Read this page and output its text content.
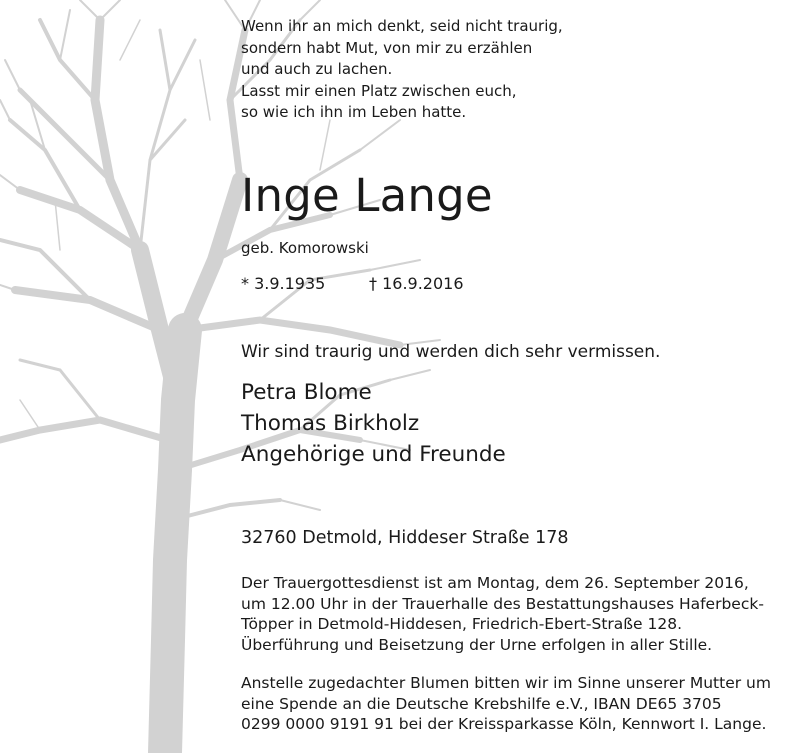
Wenn ihr an mich denkt, seid nicht traurig,
sondern habt Mut, von mir zu erzählen
und auch zu lachen.
Lasst mir einen Platz zwischen euch,
so wie ich ihn im Leben hatte.
Inge Lange
geb. Komorowski
* 3.9.1935	† 16.9.2016
Wir sind traurig und werden dich sehr vermissen.
Petra Blome
Thomas Birkholz
Angehörige und Freunde
32760 Detmold, Hiddeser Straße 178
Der Trauergottesdienst ist am Montag, dem 26. September 2016,
um 12.00 Uhr in der Trauerhalle des Bestattungshauses Haferbeck-
Töpper in Detmold-Hiddesen, Friedrich-Ebert-Straße 128.
Überführung und Beisetzung der Urne erfolgen in aller Stille.
Anstelle zugedachter Blumen bitten wir im Sinne unserer Mutter um
eine Spende an die Deutsche Krebshilfe e.V., IBAN DE65 3705
0299 0000 9191 91 bei der Kreissparkasse Köln, Kennwort I. Lange.
